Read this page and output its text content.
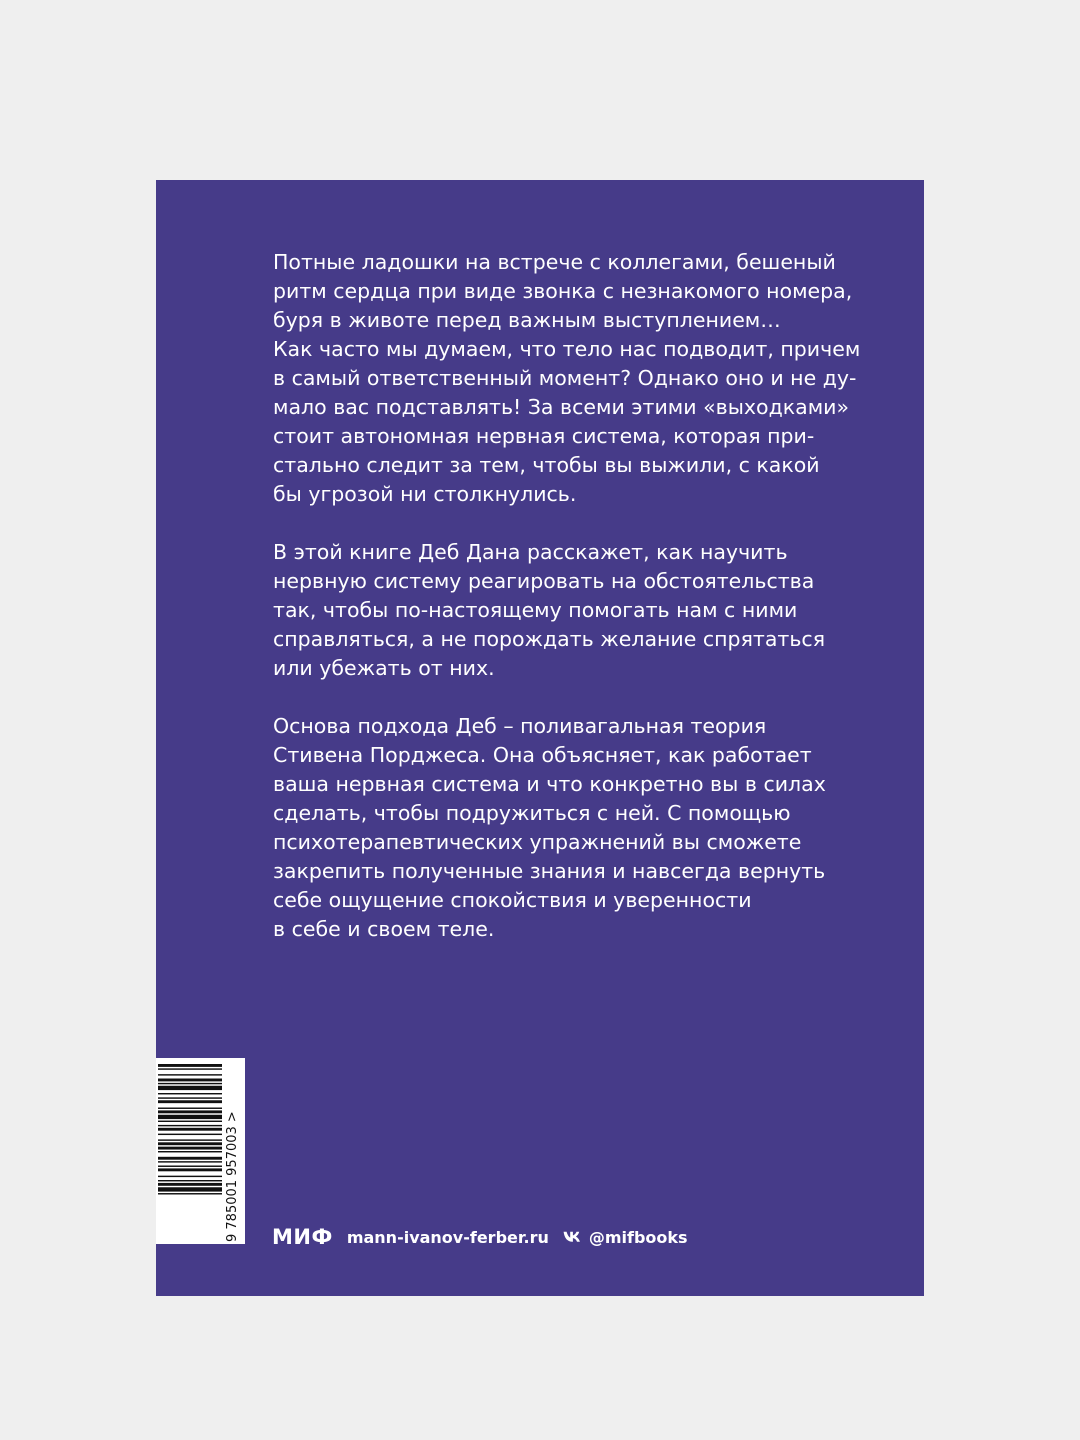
Потные ладошки на встрече с коллегами, бешеный
ритм сердца при виде звонка с незнакомого номера,
буря в животе перед важным выступлением…
Как часто мы думаем, что тело нас подводит, причем
в самый ответственный момент? Однако оно и не ду-
мало вас подставлять! За всеми этими «выходками»
стоит автономная нервная система, которая при-
стально следит за тем, чтобы вы выжили, с какой
бы угрозой ни столкнулись.
В этой книге Деб Дана расскажет, как научить
нервную систему реагировать на обстоятельства
так, чтобы по-настоящему помогать нам с ними
справляться, а не порождать желание спрятаться
или убежать от них.
Основа подхода Деб – поливагальная теория
Стивена Порджеса. Она объясняет, как работает
ваша нервная система и что конкретно вы в силах
сделать, чтобы подружиться с ней. С помощью
психотерапевтических упражнений вы сможете
закрепить полученные знания и навсегда вернуть
себе ощущение спокойствия и уверенности
в себе и своем теле.
9 785001 957003 > МИФ mann-ivanov-ferber.ru	@mifbooks
